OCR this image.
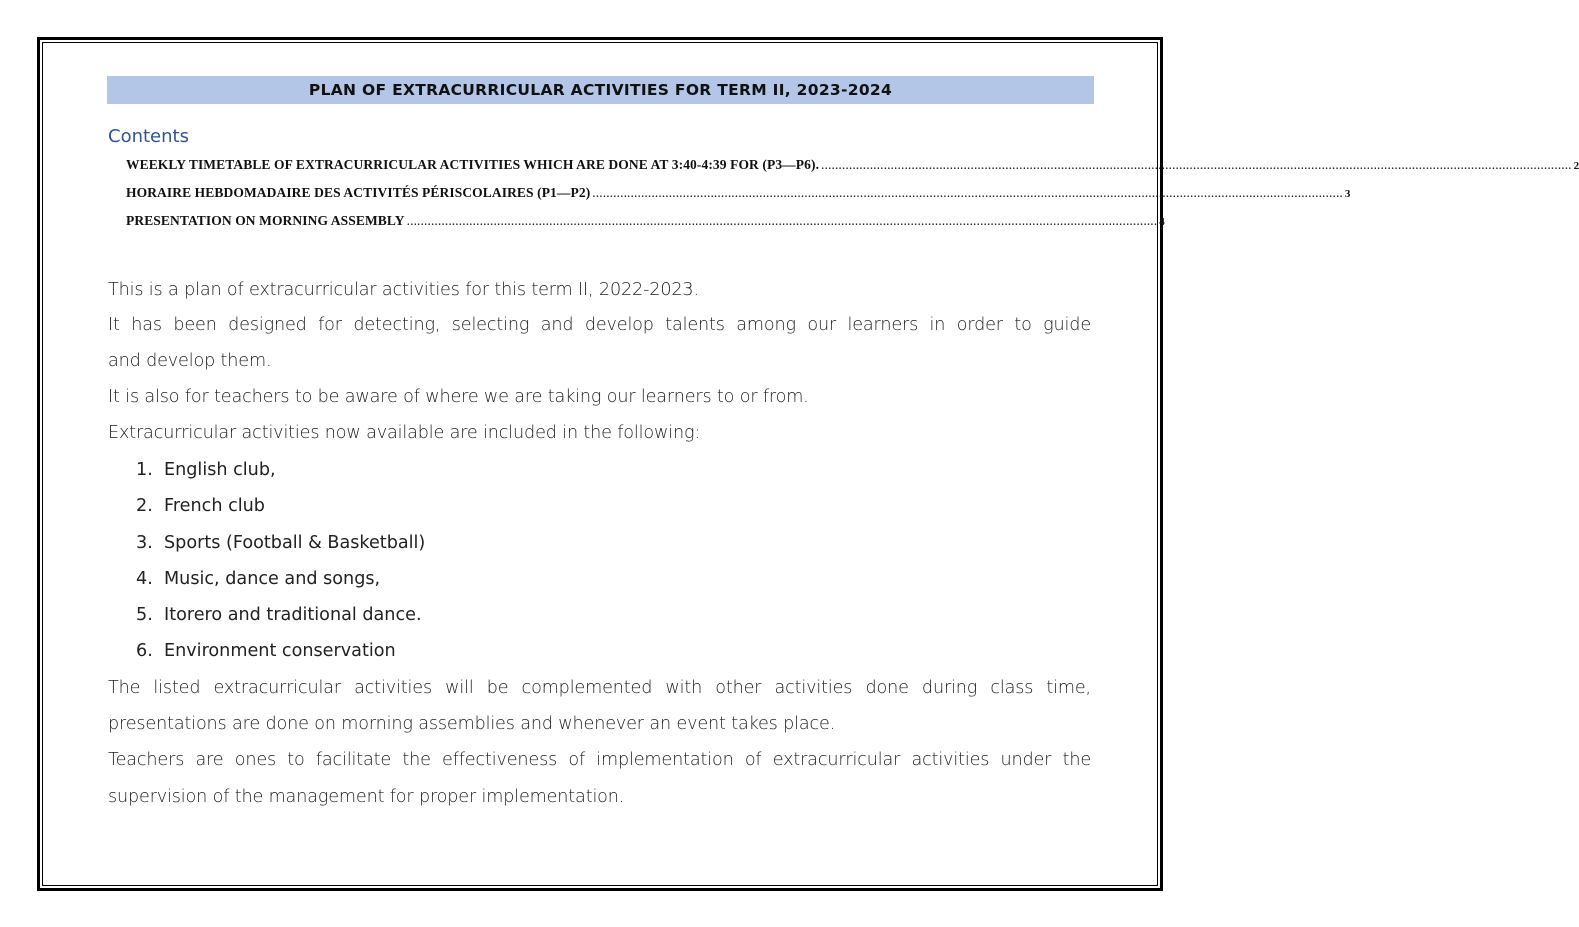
PLAN OF EXTRACURRICULAR ACTIVITIES FOR TERM II, 2023-2024
Contents
WEEKLY TIMETABLE OF EXTRACURRICULAR ACTIVITIES WHICH ARE DONE AT 3:40-4:39 FOR (P3—P6). ........................................................................................................................................................................................................................ 2
HORAIRE HEBDOMADAIRE DES ACTIVITÉS PÉRISCOLAIRES (P1—P2) ........................................................................................................................................................................................................................ 3
PRESENTATION ON MORNING ASSEMBLY ........................................................................................................................................................................................................................ 4
This is a plan of extracurricular activities for this term II, 2022-2023.
It has been designed for detecting, selecting and develop talents among our learners in order to guide
and develop them.
It is also for teachers to be aware of where we are taking our learners to or from.
Extracurricular activities now available are included in the following:
1. English club,
2. French club
3. Sports (Football & Basketball)
4. Music, dance and songs,
5. Itorero and traditional dance.
6. Environment conservation
The listed extracurricular activities will be complemented with other activities done during class time,
presentations are done on morning assemblies and whenever an event takes place.
Teachers are ones to facilitate the effectiveness of implementation of extracurricular activities under the
supervision of the management for proper implementation.
